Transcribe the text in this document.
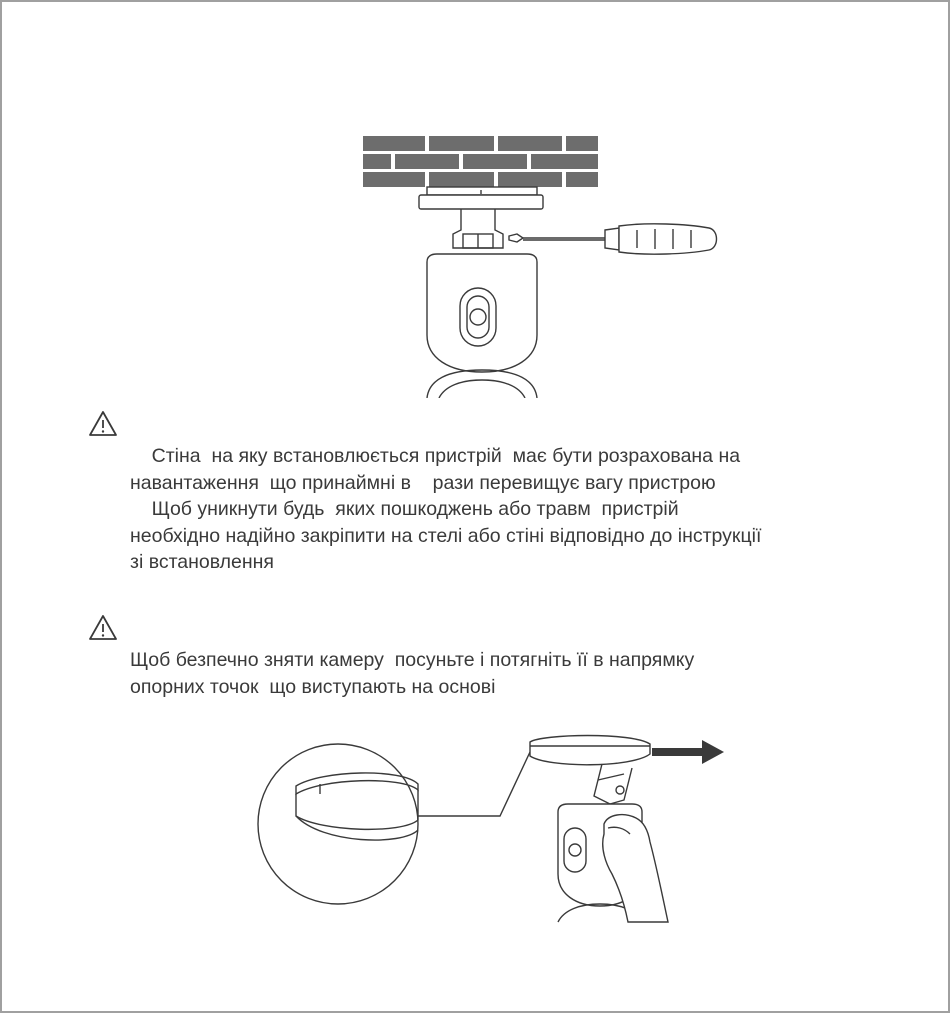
Стіна  на яку встановлюється пристрій  має бути розрахована на

навантаження  що принаймні в    рази перевищує вагу пристрою

Щоб уникнути будь  яких пошкоджень або травм  пристрій

необхідно надійно закріпити на стелі або стіні відповідно до інструкції

зі встановлення

Щоб безпечно зняти камеру  посуньте і потягніть її в напрямку

опорних точок  що виступають на основі
